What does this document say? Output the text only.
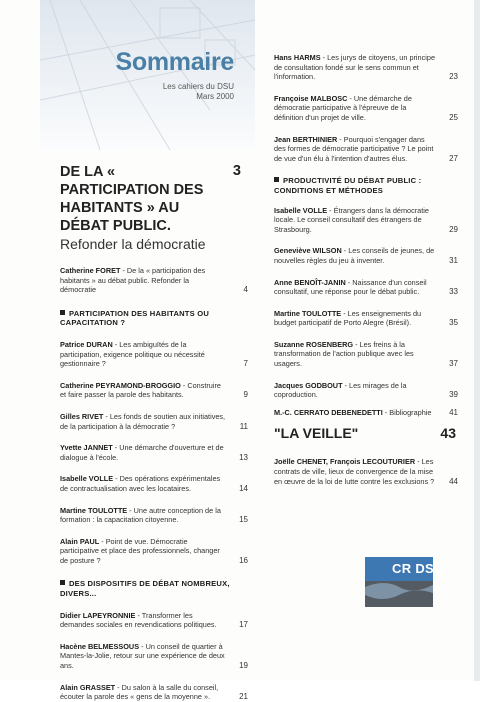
Sommaire
Les cahiers du DSU
Mars 2000
DE LA « PARTICIPATION DES HABITANTS » AU DÉBAT PUBLIC.
3
Refonder la démocratie
Catherine FORET - De la « participation des habitants » au débat public. Refonder la démocratie	4
PARTICIPATION DES HABITANTS OU CAPACITATION ?
Patrice DURAN - Les ambiguïtés de la participation, exigence politique ou nécessité gestionnaire ?	7
Catherine PEYRAMOND-BROGGIO - Construire et faire passer la parole des habitants.	9
Gilles RIVET - Les fonds de soutien aux initiatives, de la participation à la démocratie ?	11
Yvette JANNET - Une démarche d'ouverture et de dialogue à l'école.	13
Isabelle VOLLE - Des opérations expérimentales de contractualisation avec les locataires.	14
Martine TOULOTTE - Une autre conception de la formation : la capacitation citoyenne.	15
Alain PAUL - Point de vue. Démocratie participative et place des professionnels, changer de posture ?	16
DES DISPOSITIFS DE DÉBAT NOMBREUX, DIVERS...
Didier LAPEYRONNIE - Transformer les demandes sociales en revendications politiques.	17
Hacène BELMESSOUS - Un conseil de quartier à Mantes-la-Jolie, retour sur une expérience de deux ans.	19
Alain GRASSET - Du salon à la salle du conseil, écouter la parole des « gens de la moyenne ».	21
Hans HARMS - Les jurys de citoyens, un principe de consultation fondé sur le sens commun et l'information.	23
Françoise MALBOSC - Une démarche de démocratie participative à l'épreuve de la définition d'un projet de ville.	25
Jean BERTHINIER - Pourquoi s'engager dans des formes de démocratie participative ? Le point de vue d'un élu à l'intention d'autres élus.	27
PRODUCTIVITÉ DU DÉBAT PUBLIC : CONDITIONS ET MÉTHODES
Isabelle VOLLE - Étrangers dans la démocratie locale. Le conseil consultatif des étrangers de Strasbourg.	29
Geneviève WILSON - Les conseils de jeunes, de nouvelles règles du jeu à inventer.	31
Anne BENOÎT-JANIN - Naissance d'un conseil consultatif, une réponse pour le débat public.	33
Martine TOULOTTE - Les enseignements du budget participatif de Porto Alegre (Brésil).	35
Suzanne ROSENBERG - Les freins à la transformation de l'action publique avec les usagers.	37
Jacques GODBOUT - Les mirages de la coproduction.	39
M.-C. CERRATO DEBENEDETTI - Bibliographie 41
"LA VEILLE"	43
Joëlle CHENET, François LECOUTURIER - Les contrats de ville, lieux de convergence de la mise en œuvre de la loi de lutte contre les exclusions ? 44
CR DSU
